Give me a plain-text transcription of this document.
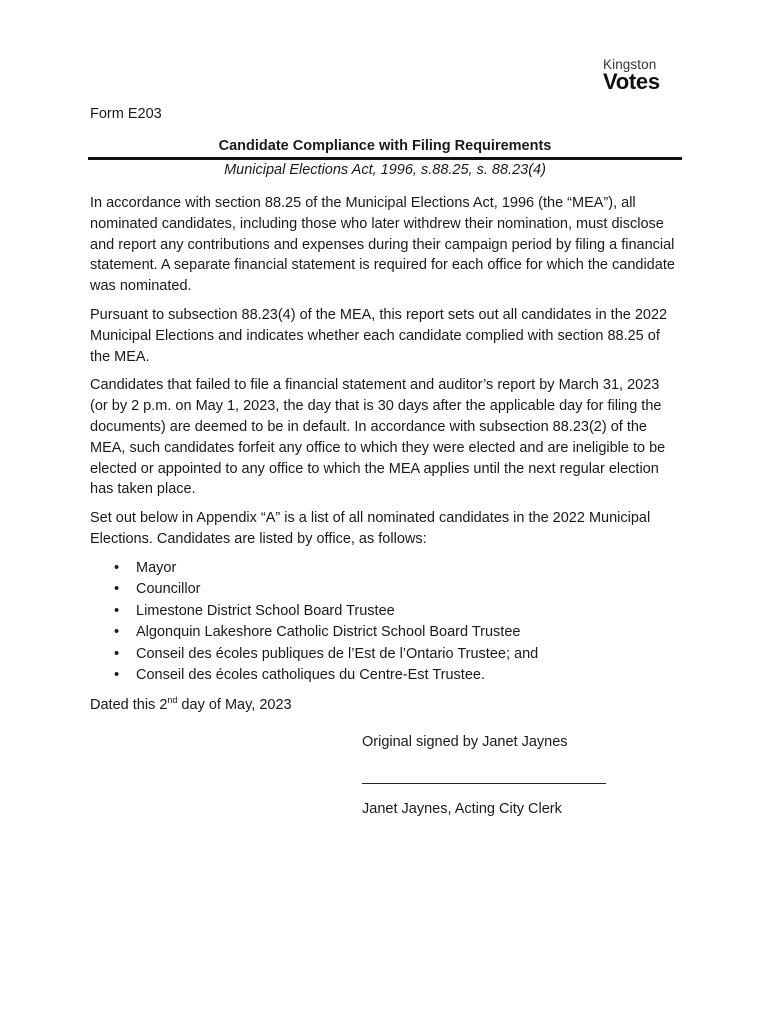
Kingston
Votes
Form E203
Candidate Compliance with Filing Requirements
Municipal Elections Act, 1996, s.88.25, s. 88.23(4)

In accordance with section 88.25 of the Municipal Elections Act, 1996 (the “MEA”), all nominated candidates, including those who later withdrew their nomination, must disclose and report any contributions and expenses during their campaign period by filing a financial statement. A separate financial statement is required for each office for which the candidate was nominated.

Pursuant to subsection 88.23(4) of the MEA, this report sets out all candidates in the 2022 Municipal Elections and indicates whether each candidate complied with section 88.25 of the MEA.

Candidates that failed to file a financial statement and auditor’s report by March 31, 2023 (or by 2 p.m. on May 1, 2023, the day that is 30 days after the applicable day for filing the documents) are deemed to be in default. In accordance with subsection 88.23(2) of the MEA, such candidates forfeit any office to which they were elected and are ineligible to be elected or appointed to any office to which the MEA applies until the next regular election has taken place.

Set out below in Appendix “A” is a list of all nominated candidates in the 2022 Municipal Elections. Candidates are listed by office, as follows:

• Mayor
• Councillor
• Limestone District School Board Trustee
• Algonquin Lakeshore Catholic District School Board Trustee
• Conseil des écoles publiques de l’Est de l’Ontario Trustee; and
• Conseil des écoles catholiques du Centre-Est Trustee.

Dated this 2nd day of May, 2023

Original signed by Janet Jaynes
Janet Jaynes, Acting City Clerk
